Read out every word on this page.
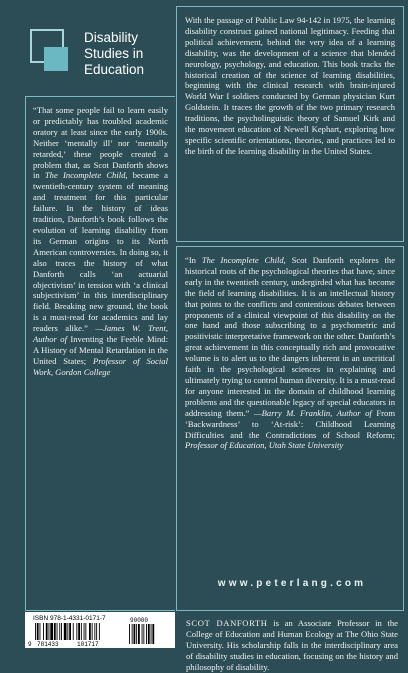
Disability
Studies in
Education
With the passage of Public Law 94-142 in 1975, the learning disability construct gained national legitimacy. Feeding that political achievement, behind the very idea of a learning disability, was the development of a science that blended neurology, psychology, and education. This book tracks the historical creation of the science of learning disabilities, beginning with the clinical research with brain-injured World War I soldiers conducted by German physician Kurt Goldstein. It traces the growth of the two primary research traditions, the psycholinguistic theory of Samuel Kirk and the movement education of Newell Kephart, exploring how specific scientific orientations, theories, and practices led to the birth of the learning disability in the United States.
“That some people fail to learn easily or predictably has troubled academic oratory at least since the early 1900s. Neither ‘mentally ill’ nor ‘mentally retarded,’ these people created a problem that, as Scot Danforth shows in The Incomplete Child, became a twentieth-century system of meaning and treatment for this particular failure. In the history of ideas tradition, Danforth’s book follows the evolution of learning disability from its German origins to its North American controversies. In doing so, it also traces the history of what Danforth calls ‘an actuarial objectivism’ in tension with ‘a clinical subjectivism’ in this interdisciplinary field. Breaking new ground, the book is a must-read for academics and lay readers alike.” —James W. Trent, Author of Inventing the Feeble Mind: A History of Mental Retardation in the United States; Professor of Social Work, Gordon College
“In The Incomplete Child, Scot Danforth explores the historical roots of the psychological theories that have, since early in the twentieth century, undergirded what has become the field of learning disabilities. It is an intellectual history that points to the conflicts and contentious debates between proponents of a clinical viewpoint of this disability on the one hand and those subscribing to a psychometric and positivistic interpretative framework on the other. Danforth’s great achievement in this conceptually rich and provocative volume is to alert us to the dangers inherent in an uncritical faith in the psychological sciences in explaining and ultimately trying to control human diversity. It is a must-read for anyone interested in the domain of childhood learning problems and the questionable legacy of special educators in addressing them.” —Barry M. Franklin, Author of From ‘Backwardness’ to ‘At-risk’: Childhood Learning Difficulties and the Contradictions of School Reform; Professor of Education, Utah State University
www.peterlang.com
SCOT DANFORTH is an Associate Professor in the College of Education and Human Ecology at The Ohio State University. His scholarship falls in the interdisciplinary area of disability studies in education, focusing on the history and philosophy of disability.
ISBN 978-1-4331-0171-7
9 781433	101717
90000
